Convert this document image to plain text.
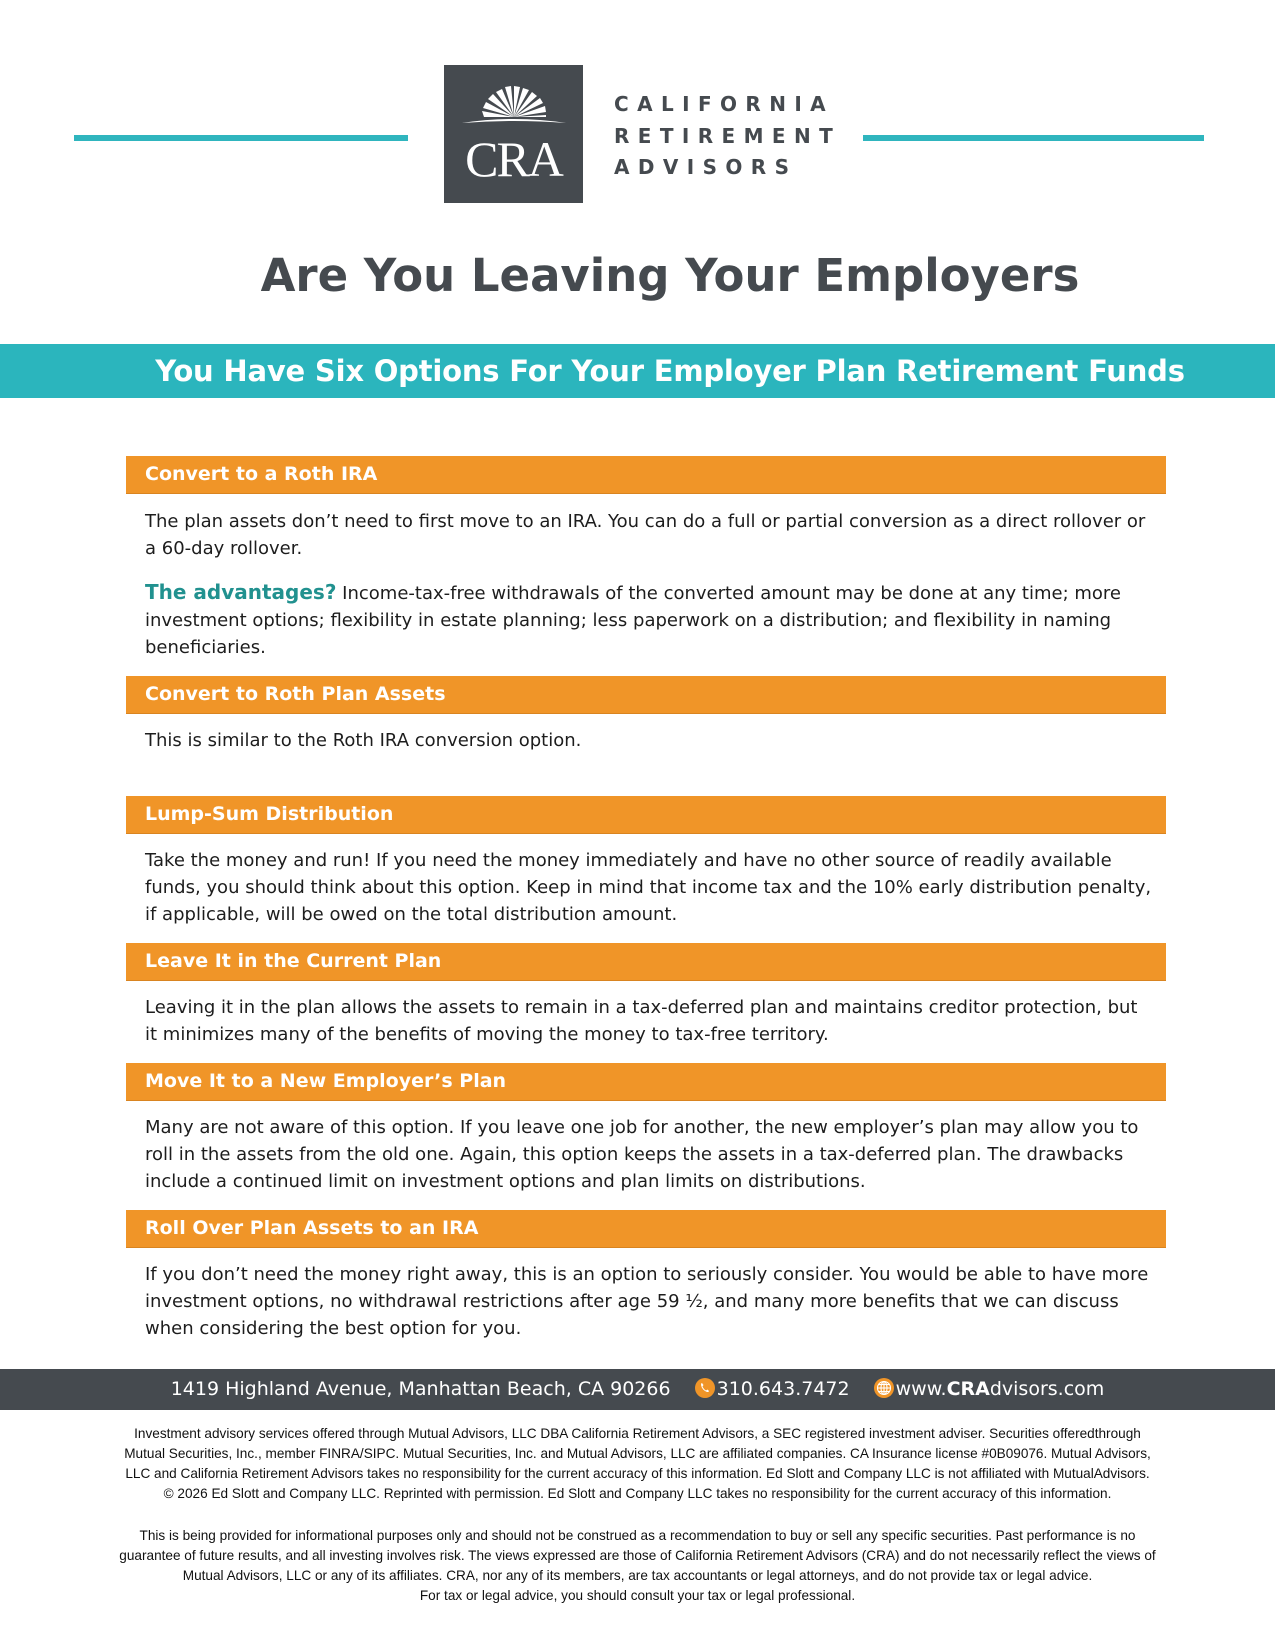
CRA
CALIFORNIA
RETIREMENT
ADVISORS
Are You Leaving Your Employers
You Have Six Options For Your Employer Plan Retirement Funds
Convert to a Roth IRA
The plan assets don’t need to first move to an IRA. You can do a full or partial conversion as a direct rollover or a 60-day rollover.
The advantages? Income-tax-free withdrawals of the converted amount may be done at any time; more investment options; flexibility in estate planning; less paperwork on a distribution; and flexibility in naming beneficiaries.
Convert to Roth Plan Assets
This is similar to the Roth IRA conversion option.
Lump-Sum Distribution
Take the money and run! If you need the money immediately and have no other source of readily available funds, you should think about this option. Keep in mind that income tax and the 10% early distribution penalty, if applicable, will be owed on the total distribution amount.
Leave It in the Current Plan
Leaving it in the plan allows the assets to remain in a tax-deferred plan and maintains creditor protection, but it minimizes many of the benefits of moving the money to tax-free territory.
Move It to a New Employer’s Plan
Many are not aware of this option. If you leave one job for another, the new employer’s plan may allow you to roll in the assets from the old one. Again, this option keeps the assets in a tax-deferred plan. The drawbacks include a continued limit on investment options and plan limits on distributions.
Roll Over Plan Assets to an IRA
If you don’t need the money right away, this is an option to seriously consider. You would be able to have more investment options, no withdrawal restrictions after age 59 ½, and many more benefits that we can discuss when considering the best option for you.
1419 Highland Avenue, Manhattan Beach, CA 90266 310.643.7472 www.CRAdvisors.com
Investment advisory services offered through Mutual Advisors, LLC DBA California Retirement Advisors, a SEC registered investment adviser. Securities offeredthrough
Mutual Securities, Inc., member FINRA/SIPC. Mutual Securities, Inc. and Mutual Advisors, LLC are affiliated companies. CA Insurance license #0B09076. Mutual Advisors,
LLC and California Retirement Advisors takes no responsibility for the current accuracy of this information. Ed Slott and Company LLC is not affiliated with MutualAdvisors.
© 2026 Ed Slott and Company LLC. Reprinted with permission. Ed Slott and Company LLC takes no responsibility for the current accuracy of this information.
This is being provided for informational purposes only and should not be construed as a recommendation to buy or sell any specific securities. Past performance is no
guarantee of future results, and all investing involves risk. The views expressed are those of California Retirement Advisors (CRA) and do not necessarily reflect the views of
Mutual Advisors, LLC or any of its affiliates. CRA, nor any of its members, are tax accountants or legal attorneys, and do not provide tax or legal advice.
For tax or legal advice, you should consult your tax or legal professional.
